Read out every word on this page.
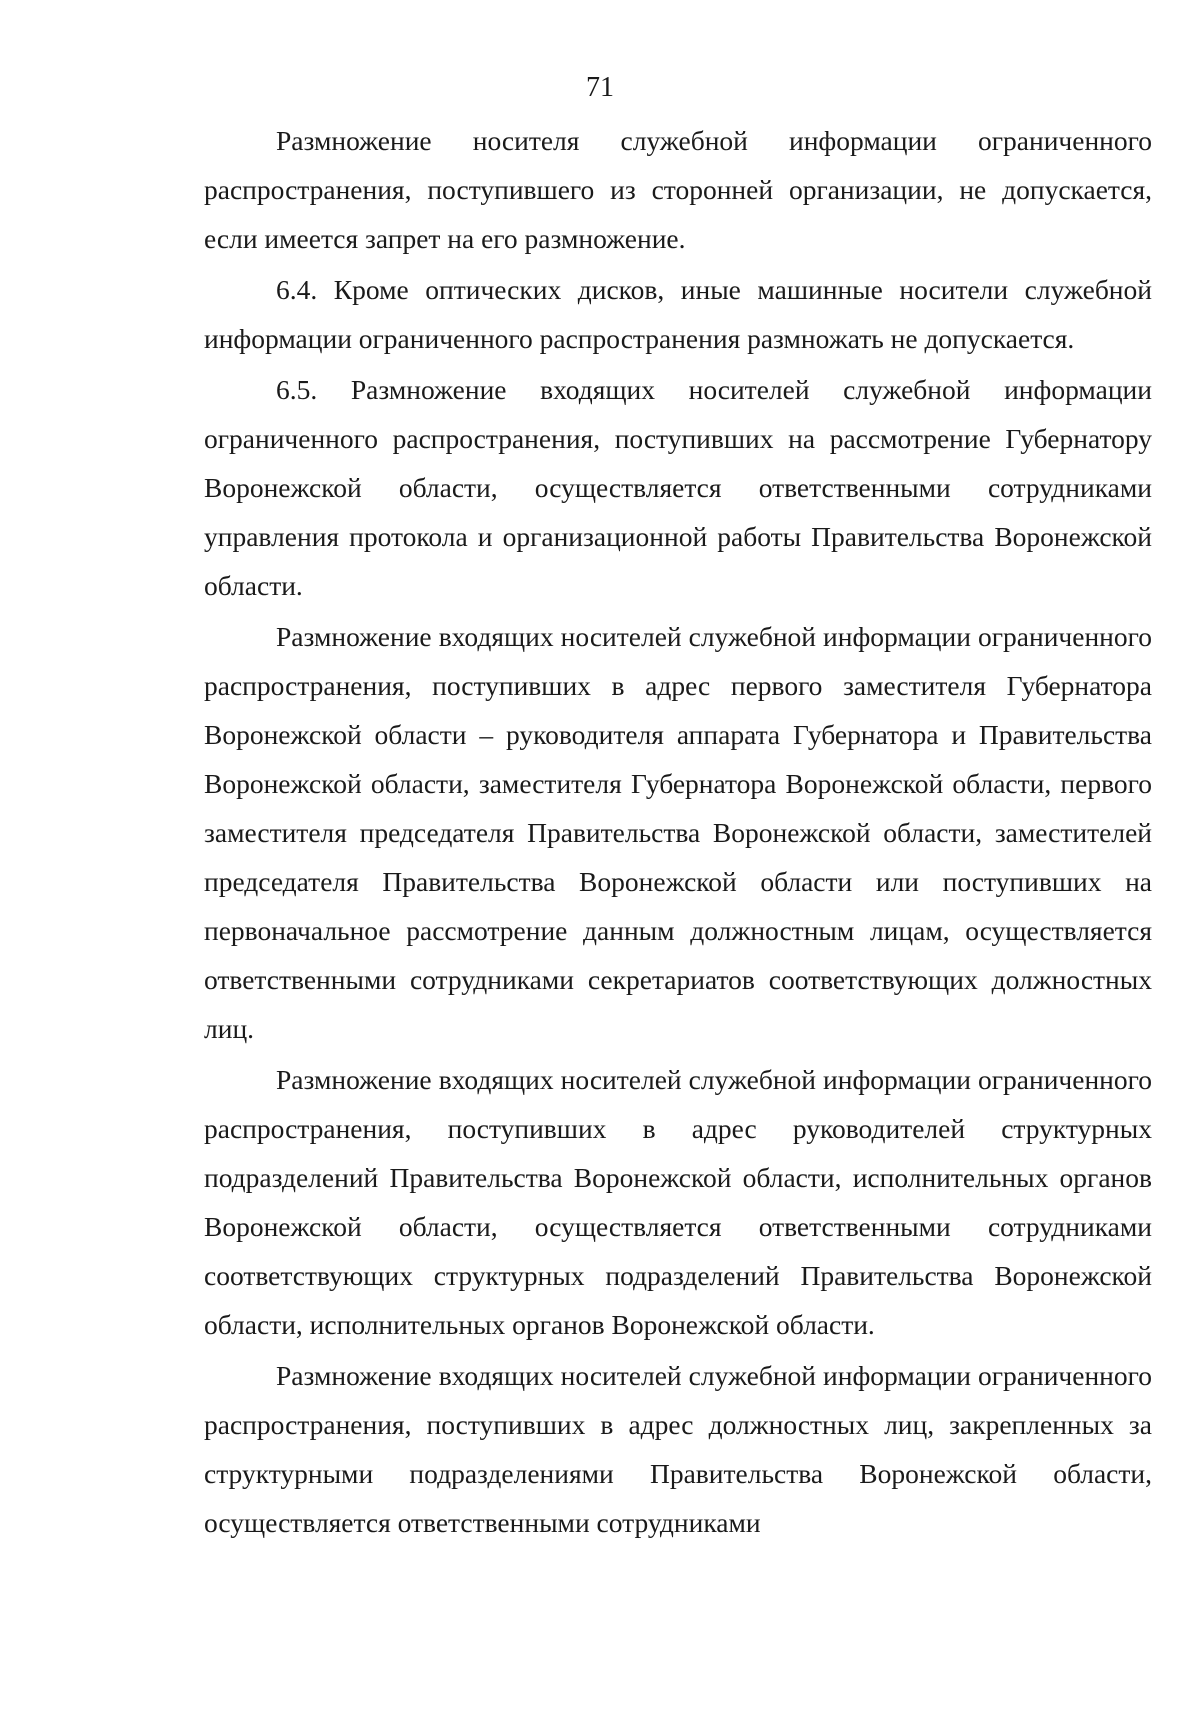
71

Размножение носителя служебной информации ограниченного распространения, поступившего из сторонней организации, не допускается, если имеется запрет на его размножение.

6.4. Кроме оптических дисков, иные машинные носители служебной информации ограниченного распространения размножать не допускается.

6.5. Размножение входящих носителей служебной информации ограниченного распространения, поступивших на рассмотрение Губернатору Воронежской области, осуществляется ответственными сотрудниками управления протокола и организационной работы Правительства Воронежской области.

Размножение входящих носителей служебной информации ограниченного распространения, поступивших в адрес первого заместителя Губернатора Воронежской области – руководителя аппарата Губернатора и Правительства Воронежской области, заместителя Губернатора Воронежской области, первого заместителя председателя Правительства Воронежской области, заместителей председателя Правительства Воронежской области или поступивших на первоначальное рассмотрение данным должностным лицам, осуществляется ответственными сотрудниками секретариатов соответствующих должностных лиц.

Размножение входящих носителей служебной информации ограниченного распространения, поступивших в адрес руководителей структурных подразделений Правительства Воронежской области, исполнительных органов Воронежской области, осуществляется ответственными сотрудниками соответствующих структурных подразделений Правительства Воронежской области, исполнительных органов Воронежской области.

Размножение входящих носителей служебной информации ограниченного распространения, поступивших в адрес должностных лиц, закрепленных за структурными подразделениями Правительства Воронежской области, осуществляется ответственными сотрудниками
